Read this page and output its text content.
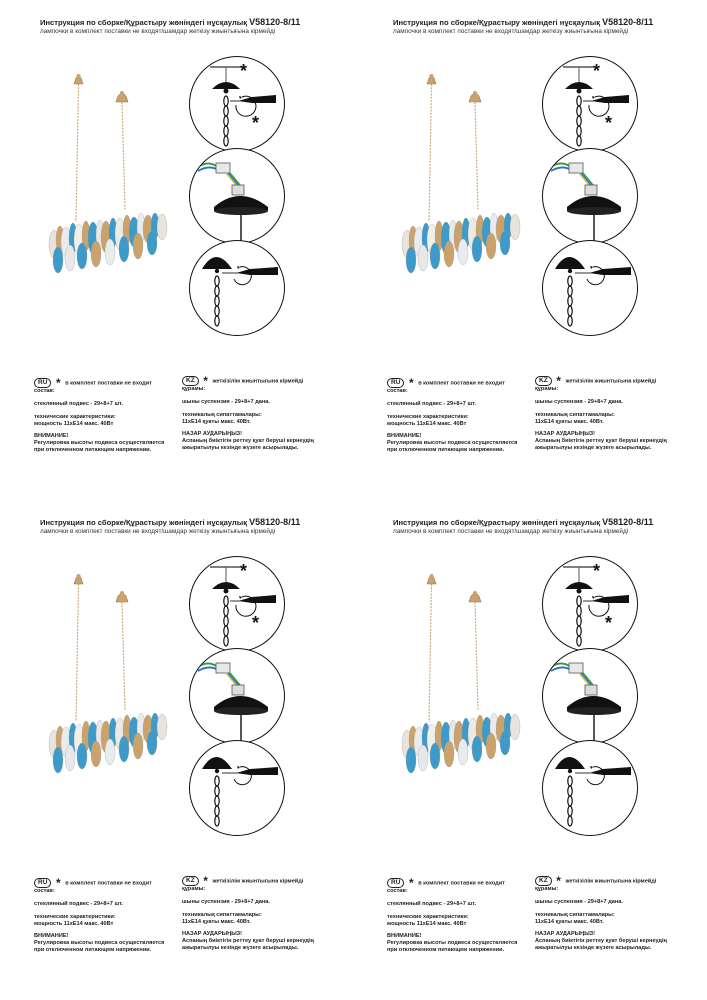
Инструкция по сборке/Құрастыру жөніндегі нұсқаулық V58120-8/11
лампочки в комплект поставки не входят/шамдар жеткізу жиынтығына кірмейді
*
*

RU * в комплект поставки не входит

состав:

стеклянный подвес - 29+8+7 шт.

технические характеристики:

мощность 11хЕ14 макс. 40Вт

ВНИМАНИЕ!

Регулировка высоты подвеса осуществляется

при отключенном питающем напряжении.

KZ * жеткізілім жиынтығына кірмейді

құрамы:

шыны суспензия - 29+8+7 дана.

техникалық сипаттамалары:

11хЕ14 қуаты макс. 40Вт.

НАЗАР АУДАРЫҢЫЗ!

Аспаның биіктігін реттеу қуат беруші кернеудің

ажыратылуы кезінде жүзеге асырылады.

Инструкция по сборке/Құрастыру жөніндегі нұсқаулық V58120-8/11
лампочки в комплект поставки не входят/шамдар жеткізу жиынтығына кірмейді
*
*

RU * в комплект поставки не входит

состав:

стеклянный подвес - 29+8+7 шт.

технические характеристики:

мощность 11хЕ14 макс. 40Вт

ВНИМАНИЕ!

Регулировка высоты подвеса осуществляется

при отключенном питающем напряжении.

KZ * жеткізілім жиынтығына кірмейді

құрамы:

шыны суспензия - 29+8+7 дана.

техникалық сипаттамалары:

11хЕ14 қуаты макс. 40Вт.

НАЗАР АУДАРЫҢЫЗ!

Аспаның биіктігін реттеу қуат беруші кернеудің

ажыратылуы кезінде жүзеге асырылады.

Инструкция по сборке/Құрастыру жөніндегі нұсқаулық V58120-8/11
лампочки в комплект поставки не входят/шамдар жеткізу жиынтығына кірмейді
*
*

RU * в комплект поставки не входит

состав:

стеклянный подвес - 29+8+7 шт.

технические характеристики:

мощность 11хЕ14 макс. 40Вт

ВНИМАНИЕ!

Регулировка высоты подвеса осуществляется

при отключенном питающем напряжении.

KZ * жеткізілім жиынтығына кірмейді

құрамы:

шыны суспензия - 29+8+7 дана.

техникалық сипаттамалары:

11хЕ14 қуаты макс. 40Вт.

НАЗАР АУДАРЫҢЫЗ!

Аспаның биіктігін реттеу қуат беруші кернеудің

ажыратылуы кезінде жүзеге асырылады.

Инструкция по сборке/Құрастыру жөніндегі нұсқаулық V58120-8/11
лампочки в комплект поставки не входят/шамдар жеткізу жиынтығына кірмейді
*
*

RU * в комплект поставки не входит

состав:

стеклянный подвес - 29+8+7 шт.

технические характеристики:

мощность 11хЕ14 макс. 40Вт

ВНИМАНИЕ!

Регулировка высоты подвеса осуществляется

при отключенном питающем напряжении.

KZ * жеткізілім жиынтығына кірмейді

құрамы:

шыны суспензия - 29+8+7 дана.

техникалық сипаттамалары:

11хЕ14 қуаты макс. 40Вт.

НАЗАР АУДАРЫҢЫЗ!

Аспаның биіктігін реттеу қуат беруші кернеудің

ажыратылуы кезінде жүзеге асырылады.
